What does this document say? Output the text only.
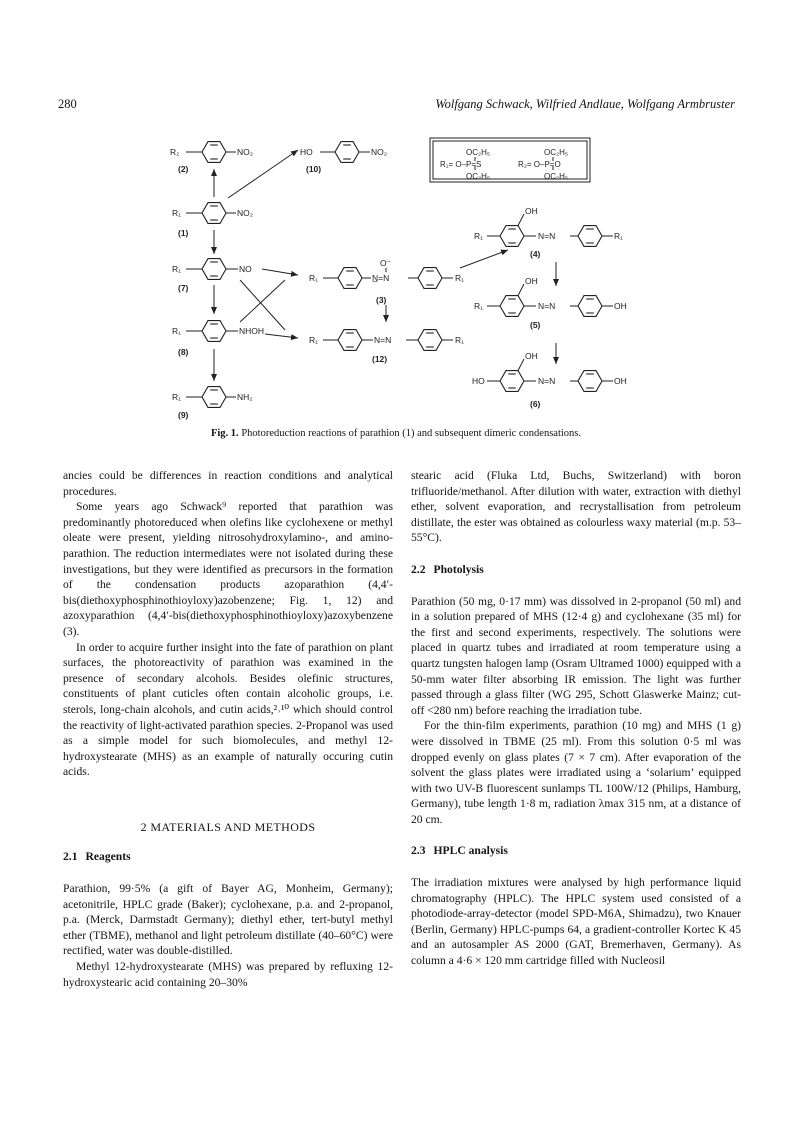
280	Wolfgang Schwack, Wilfried Andlaue, Wolfgang Armbruster
R₂	NO₂
(2)
HO	NO₂
(10)
R₁	NO₂
(1)
R₁	NO
(7)
R₁	NHOH
(8)
R₁	NH₂
(9)
R₁
O⁻
N̲=N	R₁
(3)
R₁	N=N	R₁
(12)
R₁
OH
N=N	R₁
(4)
R₁
OH
N=N	OH
(5)
HO
OH
N=N	OH
(6)
OC₂H₅
R₁= O–P=S
OC₂H₅
OC₂H₅
R₂= O–P=O
OC₂H₅
Fig. 1. Photoreduction reactions of parathion (1) and subsequent dimeric condensations.

ancies could be differences in reaction conditions and analytical procedures.

Some years ago Schwack⁹ reported that parathion was predominantly photoreduced when olefins like cyclohexene or methyl oleate were present, yielding nitrosohydroxylamino-, and amino-parathion. The reduction intermediates were not isolated during these investigations, but they were identified as precursors in the formation of the condensation products azoparathion (4,4′-bis(diethoxyphosphinothioyloxy)azobenzene; Fig. 1, 12) and azoxyparathion (4,4′-bis(diethoxyphosphinothioyloxy)azoxybenzene (3).

In order to acquire further insight into the fate of parathion on plant surfaces, the photoreactivity of parathion was examined in the presence of secondary alcohols. Besides olefinic structures, constituents of plant cuticles often contain alcoholic groups, i.e. sterols, long-chain alcohols, and cutin acids,²˒¹⁰ which should control the reactivity of light-activated parathion species. 2-Propanol was used as a simple model for such biomolecules, and methyl 12-hydroxystearate (MHS) as an example of naturally occuring cutin acids.

2 MATERIALS AND METHODS
2.1 Reagents

Parathion, 99·5% (a gift of Bayer AG, Monheim, Germany); acetonitrile, HPLC grade (Baker); cyclohexane, p.a. and 2-propanol, p.a. (Merck, Darmstadt Germany); diethyl ether, tert-butyl methyl ether (TBME), methanol and light petroleum distillate (40–60°C) were rectified, water was double-distilled.

Methyl 12-hydroxystearate (MHS) was prepared by refluxing 12-hydroxystearic acid containing 20–30%

stearic acid (Fluka Ltd, Buchs, Switzerland) with boron trifluoride/methanol. After dilution with water, extraction with diethyl ether, solvent evaporation, and recrystallisation from petroleum distillate, the ester was obtained as colourless waxy material (m.p. 53–55°C).

2.2 Photolysis

Parathion (50 mg, 0·17 mm) was dissolved in 2-propanol (50 ml) and in a solution prepared of MHS (12·4 g) and cyclohexane (35 ml) for the first and second experiments, respectively. The solutions were placed in quartz tubes and irradiated at room temperature using a quartz tungsten halogen lamp (Osram Ultramed 1000) equipped with a 50-mm water filter absorbing IR emission. The light was further passed through a glass filter (WG 295, Schott Glaswerke Mainz; cut-off <280 nm) before reaching the irradiation tube.

For the thin-film experiments, parathion (10 mg) and MHS (1 g) were dissolved in TBME (25 ml). From this solution 0·5 ml was dropped evenly on glass plates (7 × 7 cm). After evaporation of the solvent the glass plates were irradiated using a ‘solarium’ equipped with two UV-B fluorescent sunlamps TL 100W/12 (Philips, Hamburg, Germany), tube length 1·8 m, radiation λmax 315 nm, at a distance of 20 cm.

2.3 HPLC analysis

The irradiation mixtures were analysed by high performance liquid chromatography (HPLC). The HPLC system used consisted of a photodiode-array-detector (model SPD-M6A, Shimadzu), two Knauer (Berlin, Germany) HPLC-pumps 64, a gradient-controller Kortec K 45 and an autosampler AS 2000 (GAT, Bremerhaven, Germany). As column a 4·6 × 120 mm cartridge filled with Nucleosil
